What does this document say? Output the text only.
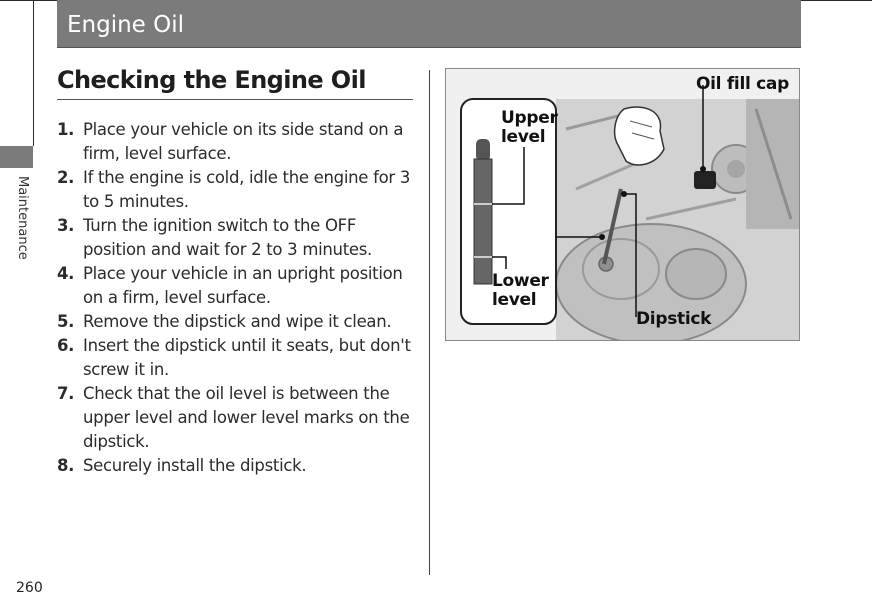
Engine Oil
Maintenance
260
Checking the Engine Oil
1. Place your vehicle on its side stand on a firm, level surface.
2. If the engine is cold, idle the engine for 3 to 5 minutes.
3. Turn the ignition switch to the OFF position and wait for 2 to 3 minutes.
4. Place your vehicle in an upright position on a firm, level surface.
5. Remove the dipstick and wipe it clean.
6. Insert the dipstick until it seats, but don't screw it in.
7. Check that the oil level is between the upper level and lower level marks on the dipstick.
8. Securely install the dipstick.
Upper level
Lower level
Oil fill cap
Dipstick
